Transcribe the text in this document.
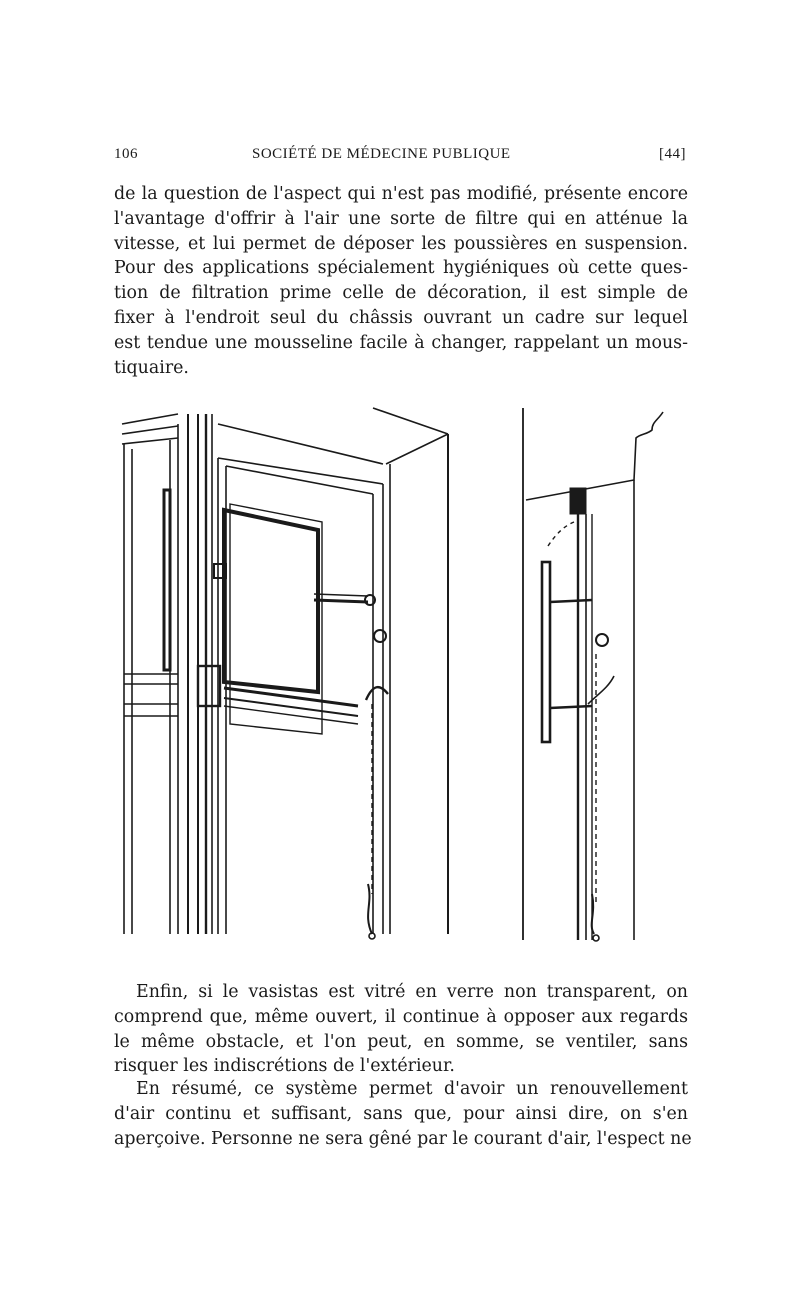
106	SOCIÉTÉ DE MÉDECINE PUBLIQUE	[44]

de la question de l'aspect qui n'est pas modifié, présente encore
l'avantage d'offrir à l'air une sorte de filtre qui en atténue la
vitesse, et lui permet de déposer les poussières en suspension.
Pour des applications spécialement hygiéniques où cette ques-
tion de filtration prime celle de décoration, il est simple de
fixer à l'endroit seul du châssis ouvrant un cadre sur lequel
est tendue une mousseline facile à changer, rappelant un mous-
tiquaire.

Enfin, si le vasistas est vitré en verre non transparent, on
comprend que, même ouvert, il continue à opposer aux regards
le même obstacle, et l'on peut, en somme, se ventiler, sans
risquer les indiscrétions de l'extérieur.

En résumé, ce système permet d'avoir un renouvellement
d'air continu et suffisant, sans que, pour ainsi dire, on s'en
aperçoive. Personne ne sera gêné par le courant d'air, l'espect ne
